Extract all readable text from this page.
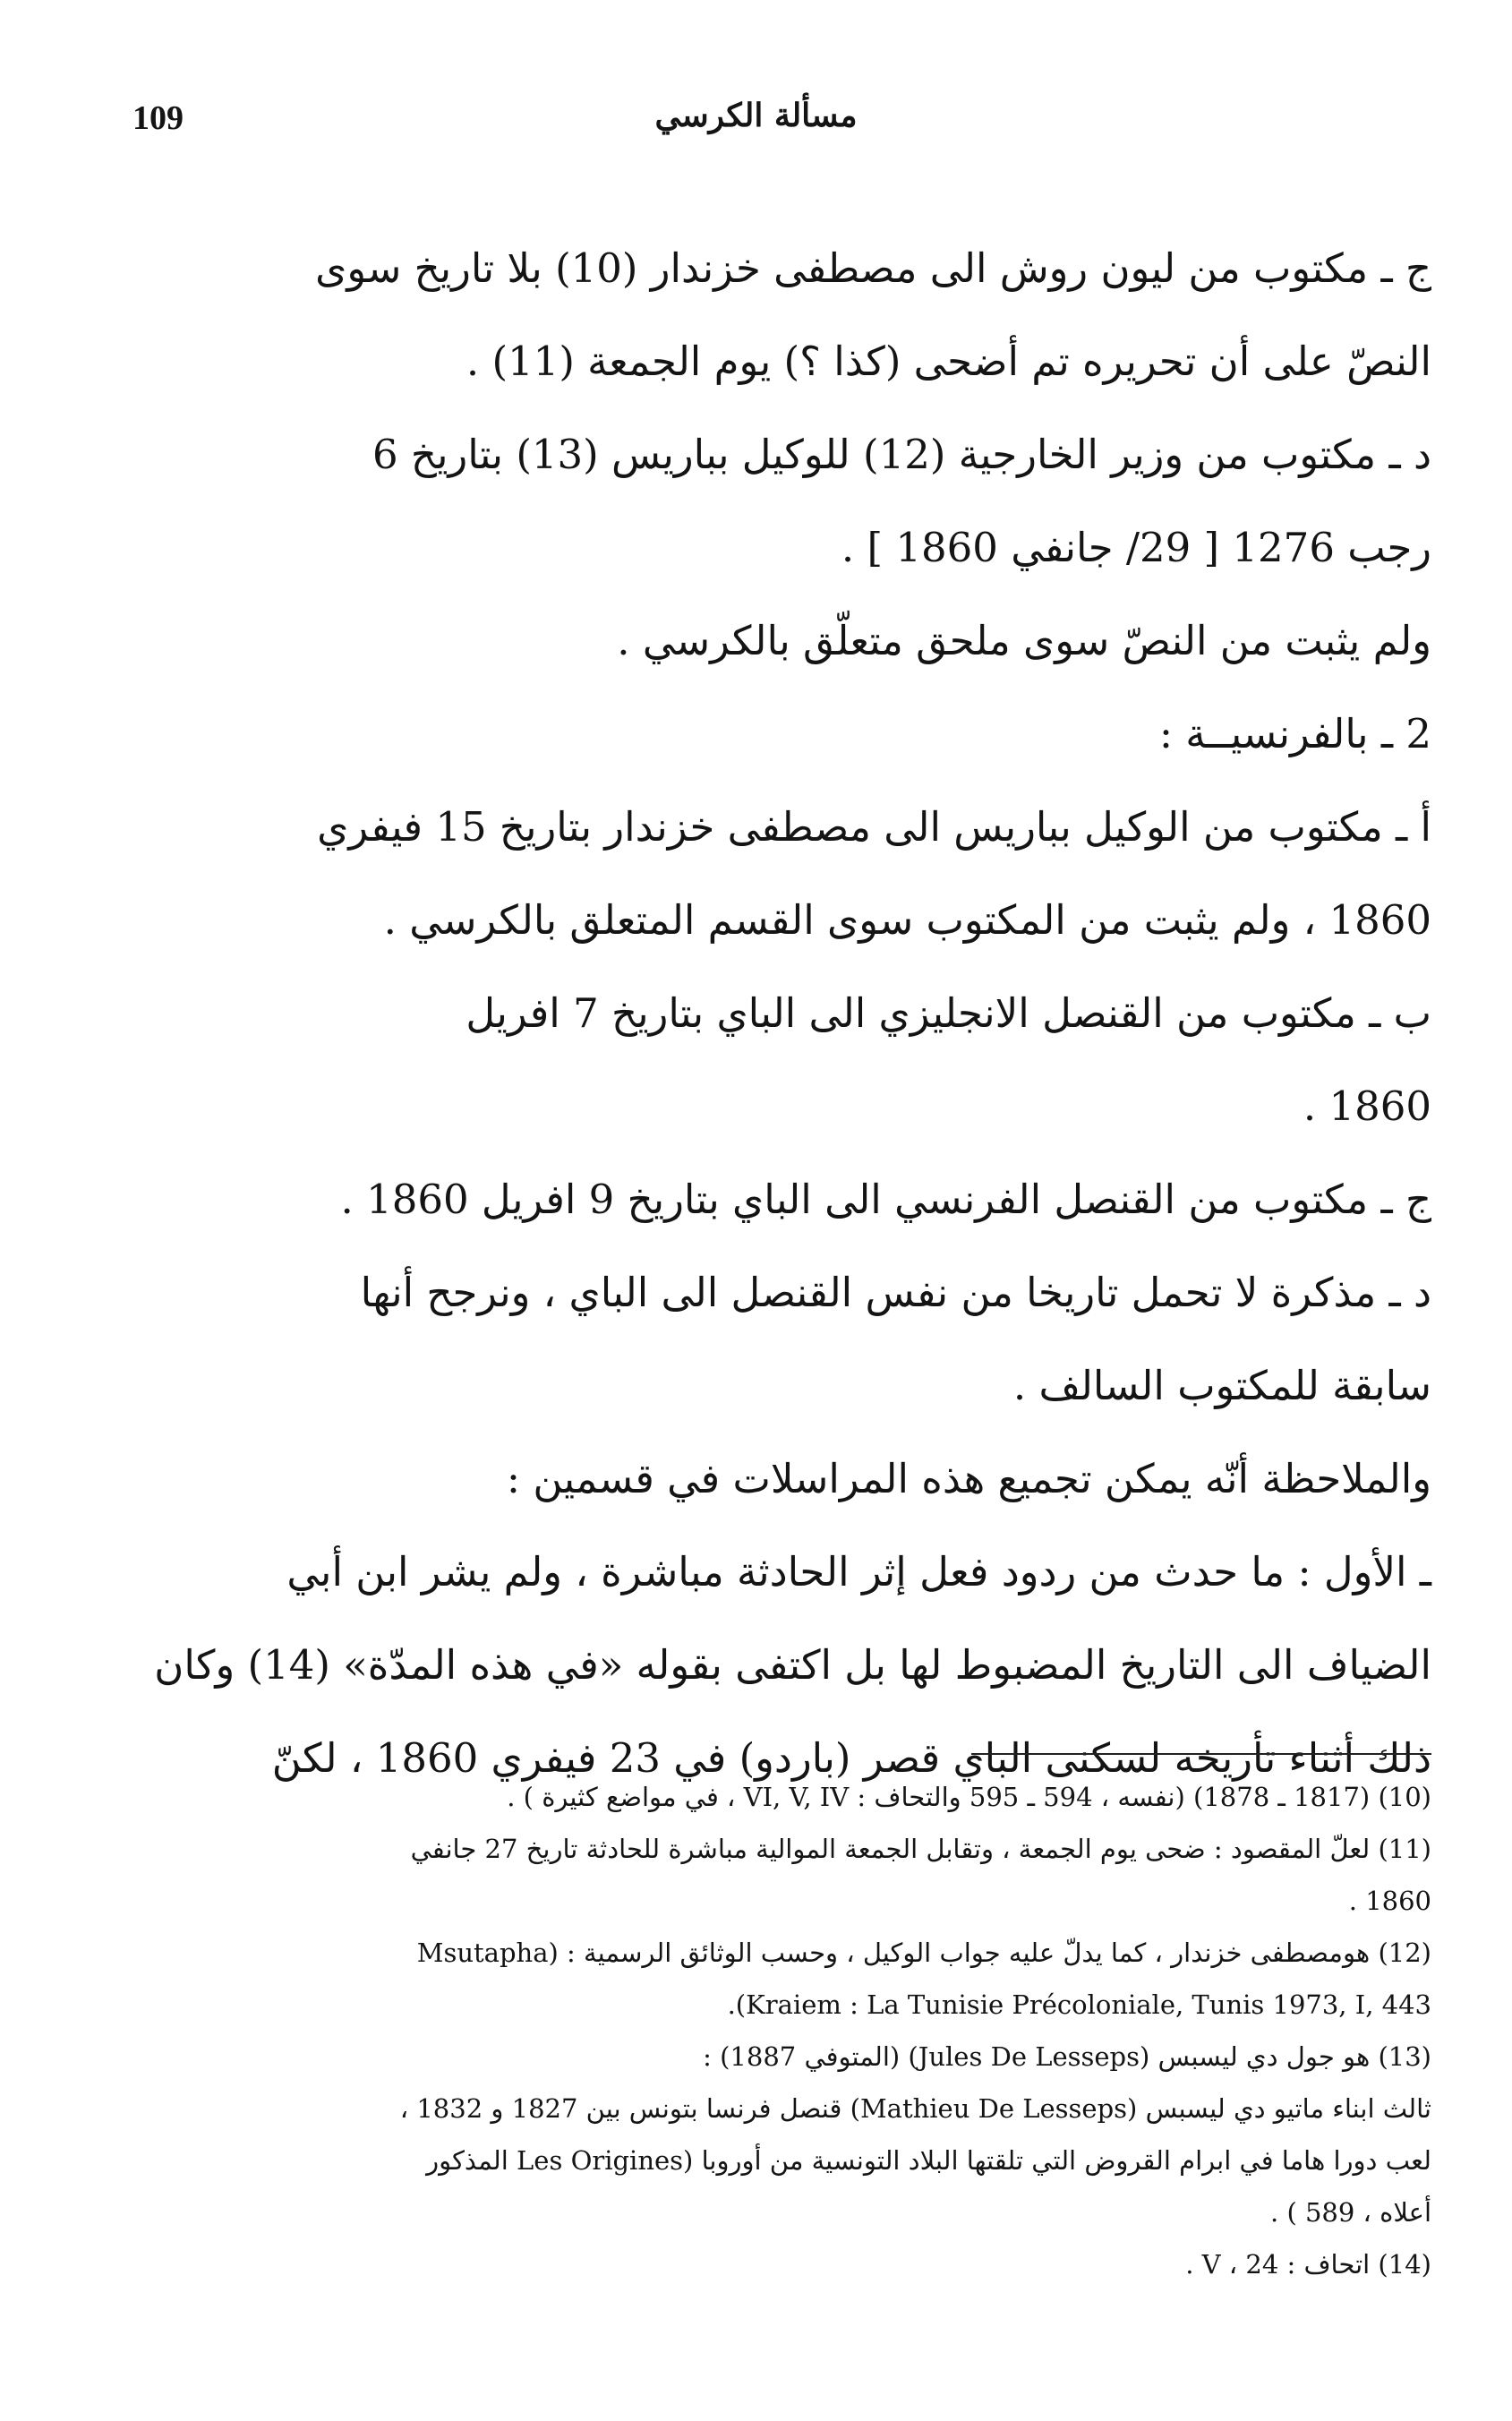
109	مسألة الكرسي
ج ـ مكتوب من ليون روش الى مصطفى خزندار (10) بلا تاريخ سوى
النصّ على أن تحريره تم أضحى (كذا ؟) يوم الجمعة (11) .
د ـ مكتوب من وزير الخارجية (12) للوكيل بباريس (13) بتاريخ 6
رجب 1276 [ 29/ جانفي 1860 ] .
ولم يثبت من النصّ سوى ملحق متعلّق بالكرسي .
2 ـ بالفرنسيــة :
أ ـ مكتوب من الوكيل بباريس الى مصطفى خزندار بتاريخ 15 فيفري
1860 ، ولم يثبت من المكتوب سوى القسم المتعلق بالكرسي .
ب ـ مكتوب من القنصل الانجليزي الى الباي بتاريخ 7 افريل
1860 .
ج ـ مكتوب من القنصل الفرنسي الى الباي بتاريخ 9 افريل 1860 .
د ـ مذكرة لا تحمل تاريخا من نفس القنصل الى الباي ، ونرجح أنها
سابقة للمكتوب السالف .
والملاحظة أنّه يمكن تجميع هذه المراسلات في قسمين :
ـ الأول : ما حدث من ردود فعل إثر الحادثة مباشرة ، ولم يشر ابن أبي
الضياف الى التاريخ المضبوط لها بل اكتفى بقوله «في هذه المدّة» (14) وكان
ذلك أثناء تأريخه لسكنى الباي قصر (باردو) في 23 فيفري 1860 ، لكنّ
(10) (1817 ـ 1878) (نفسه ، 594 ـ 595 والتحاف : VI, V, IV ، في مواضع كثيرة ) .
(11) لعلّ المقصود : ضحى يوم الجمعة ، وتقابل الجمعة الموالية مباشرة للحادثة تاريخ 27 جانفي
1860 .
(12) هومصطفى خزندار ، كما يدلّ عليه جواب الوكيل ، وحسب الوثائق الرسمية : (Msutapha
Kraiem : La Tunisie Précoloniale, Tunis 1973, I, 443).
(13) هو جول دي ليسبس (Jules De Lesseps) (المتوفي 1887) :
ثالث ابناء ماتيو دي ليسبس (Mathieu De Lesseps) قنصل فرنسا بتونس بين 1827 و 1832 ،
لعب دورا هاما في ابرام القروض التي تلقتها البلاد التونسية من أوروبا (Les Origines المذكور
أعلاه ، 589 ) .
(14) اتحاف : V ، 24 .
